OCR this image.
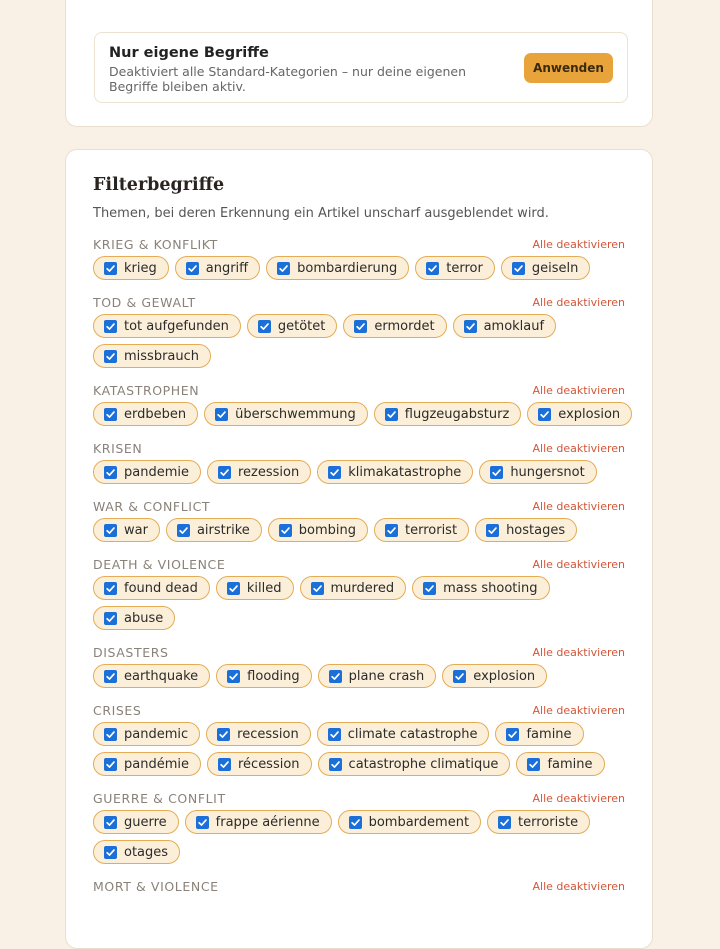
Nur eigene Begriffe
Deaktiviert alle Standard-Kategorien – nur deine eigenen Begriffe bleiben aktiv.
Anwenden
Filterbegriffe
Themen, bei deren Erkennung ein Artikel unscharf ausgeblendet wird.
KRIEG & KONFLIKT	Alle deaktivieren
krieg	angriff	bombardierung	terror	geiseln
TOD & GEWALT	Alle deaktivieren
tot aufgefunden	getötet	ermordet	amoklauf
missbrauch
KATASTROPHEN	Alle deaktivieren
erdbeben	überschwemmung	flugzeugabsturz	explosion
KRISEN	Alle deaktivieren
pandemie	rezession	klimakatastrophe	hungersnot
WAR & CONFLICT	Alle deaktivieren
war	airstrike	bombing	terrorist	hostages
DEATH & VIOLENCE	Alle deaktivieren
found dead	killed	murdered	mass shooting
abuse
DISASTERS	Alle deaktivieren
earthquake	flooding	plane crash	explosion
CRISES	Alle deaktivieren
pandemic	recession	climate catastrophe	famine
pandémie	récession	catastrophe climatique	famine
GUERRE & CONFLIT	Alle deaktivieren
guerre	frappe aérienne	bombardement	terroriste
otages
MORT & VIOLENCE	Alle deaktivieren
